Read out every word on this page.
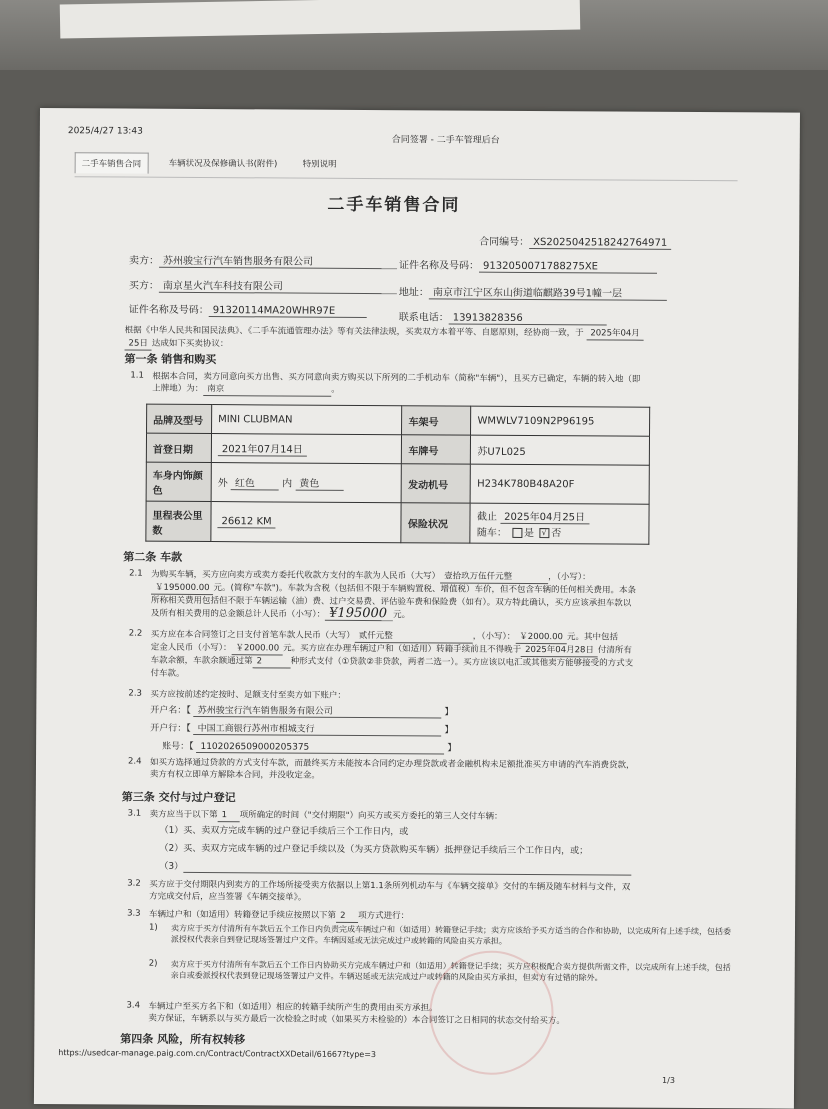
2025/4/27 13:43
合同签署 - 二手车管理后台
二手车销售合同	车辆状况及保修确认书(附件)	特别说明
二手车销售合同
合同编号： XS2025042518242764971
卖方： 苏州骏宝行汽车销售服务有限公司	证件名称及号码： 9132050071788275XE
买方： 南京星火汽车科技有限公司
地址： 南京市江宁区东山街道临麒路39号1幢一层
证件名称及号码： 91320114MA20WHR97E
联系电话： 13913828356
根据《中华人民共和国民法典》、《二手车流通管理办法》等有关法律法规，买卖双方本着平等、自愿原则，经协商一致，于 2025年04月
25日 达成如下买卖协议：
第一条 销售和购买
1.1 根据本合同，卖方同意向买方出售、买方同意向卖方购买以下所列的二手机动车（简称"车辆"），且买方已确定，车辆的转入地（即
上牌地）为： 南京	。
品牌及型号	MINI CLUBMAN	车架号	WMWLV7109N2P96195
首登日期	2021年07月14日	车牌号	苏U7L025
车身内饰颜色	外 红色 内 黄色	发动机号	H234K780B48A20F
里程表公里数	26612 KM	保险状况	截止 2025年04月25日
随车： 是 √ 否
第二条 车款
2.1 为购买车辆，买方应向卖方或卖方委托代收款方支付的车款为人民币（大写） 壹拾玖万伍仟元整	，（小写）：
￥195000.00 元。(简称"车款")。车款为含税（包括但不限于车辆购置税、增值税）车价，但不包含车辆的任何相关费用。本条
所称相关费用包括但不限于车辆运输（油）费、过户交易费、评估验车费和保险费（如有）。双方特此确认，买方应该承担车款以
及所有相关费用的总金额总计人民币（小写）： ¥195000 元。
2.2 买方应在本合同签订之日支付首笔车款人民币（大写） 贰仟元整	，（小写）： ￥2000.00 元。其中包括
定金人民币（小写）： ￥2000.00 元。买方应在办理车辆过户和（如适用）转籍手续前且不得晚于 2025年04月28日 付清所有
车款余额，车款余额通过第 2	种形式支付（①贷款②非贷款，两者二选一）。买方应该以电汇或其他卖方能够接受的方式支
付车款。
2.3 买方应按前述约定按时、足额支付至卖方如下账户：
开户名：【 苏州骏宝行汽车销售服务有限公司	】
开户行：【 中国工商银行苏州市相城支行	】
账号：【 1102026509000205375	】
2.4 如买方选择通过贷款的方式支付车款，而最终买方未能按本合同约定办理贷款或者金融机构未足额批准买方申请的汽车消费贷款，
卖方有权立即单方解除本合同，并没收定金。
第三条 交付与过户登记
3.1 卖方应当于以下第 1 项所确定的时间（"交付期限"）向买方或买方委托的第三人交付车辆：
（1）买、卖双方完成车辆的过户登记手续后三个工作日内，或
（2）买、卖双方完成车辆的过户登记手续以及（为买方贷款购买车辆）抵押登记手续后三个工作日内，或；
（3）
3.2 买方应于交付期限内到卖方的工作场所接受卖方依据以上第1.1条所列机动车与《车辆交接单》交付的车辆及随车材料与文件，双
方完成交付后，应当签署《车辆交接单》。
3.3 车辆过户和（如适用）转籍登记手续应按照以下第 2 项方式进行：
1) 卖方应于买方付清所有车款后五个工作日内负责完成车辆过户和（如适用）转籍登记手续；卖方应该给予买方适当的合作和协助，以完成所有上述手续，包括委派授权代表亲自到登记现场签署过户文件。车辆因延或无法完成过户或转籍的风险由买方承担。
2) 卖方应于买方付清所有车款后五个工作日内协助买方完成车辆过户和（如适用）转籍登记手续；买方应积极配合卖方提供所需文件，以完成所有上述手续，包括亲自或委派授权代表到登记现场签署过户文件。车辆迟延或无法完成过户或转籍的风险由买方承担，但卖方有过错的除外。
3.4 车辆过户至买方名下和（如适用）相应的转籍手续所产生的费用由买方承担。
卖方保证，车辆系以与买方最后一次检验之时或（如果买方未检验的）本合同签订之日相同的状态交付给买方。
第四条 风险，所有权转移
https://usedcar-manage.paig.com.cn/Contract/ContractXXDetail/61667?type=3
1/3
